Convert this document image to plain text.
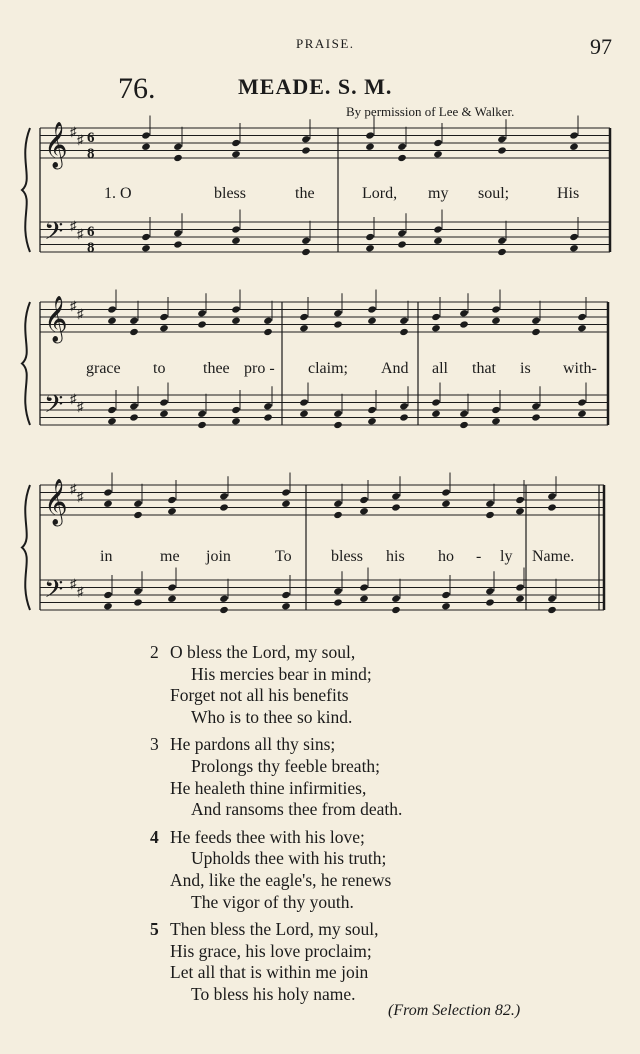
PRAISE.	97
76.	MEADE. S. M.
By permission of Lee & Walker.
𝄞 ♯
♯ 6
8
𝄢 ♯
♯ 6
8
𝄞 ♯
♯
𝄢 ♯
♯
𝄞 ♯
♯
𝄢 ♯
♯
1. O	bless	the	Lord, my soul;	His
grace to thee pro - claim; And all that is with-
in	me join	To bless his ho - ly Name.
2 O bless the Lord, my soul,
His mercies bear in mind;
Forget not all his benefits
Who is to thee so kind.
3 He pardons all thy sins;
Prolongs thy feeble breath;
He healeth thine infirmities,
And ransoms thee from death.
4 He feeds thee with his love;
Upholds thee with his truth;
And, like the eagle's, he renews
The vigor of thy youth.
5 Then bless the Lord, my soul,
His grace, his love proclaim;
Let all that is within me join
To bless his holy name.
(From Selection 82.)
